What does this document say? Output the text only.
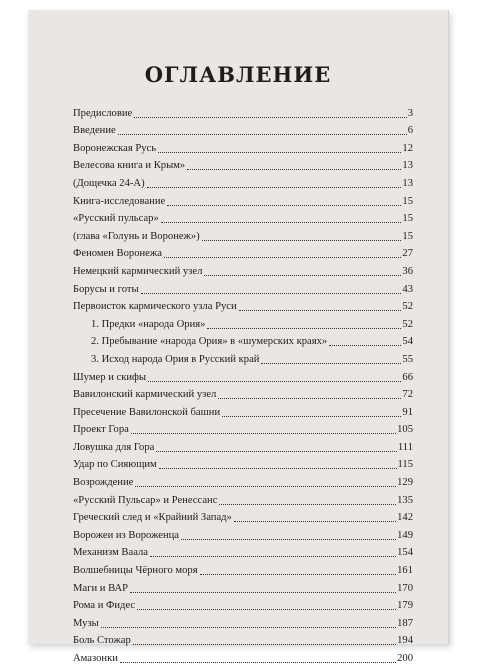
ОГЛАВЛЕНИЕ
Предисловие	3
Введение	6
Воронежская Русь	12
Велесова книга и Крым»	13
(Дощечка 24-А)	13
Книга-исследование	15
«Русский пульсар»	15
(глава «Голунь и Воронеж»)	15
Феномен Воронежа	27
Немецкий кармический узел	36
Борусы и готы	43
Первоисток кармического узла Руси	52
1. Предки «народа Ория»	52
2. Пребывание «народа Ория» в «шумерских краях»	54
3. Исход народа Ория в Русский край	55
Шумер и скифы	66
Вавилонский кармический узел	72
Пресечение Вавилонской башни	91
Проект Гора	105
Ловушка для Гора	111
Удар по Сияющим	115
Возрождение	129
«Русский Пульсар» и Ренессанс	135
Греческий след и «Крайний Запад»	142
Ворожеи из Вороженца	149
Механизм Ваала	154
Волшебницы Чёрного моря	161
Маги и ВАР	170
Рома и Фидес	179
Музы	187
Боль Стожар	194
Амазонки	200
